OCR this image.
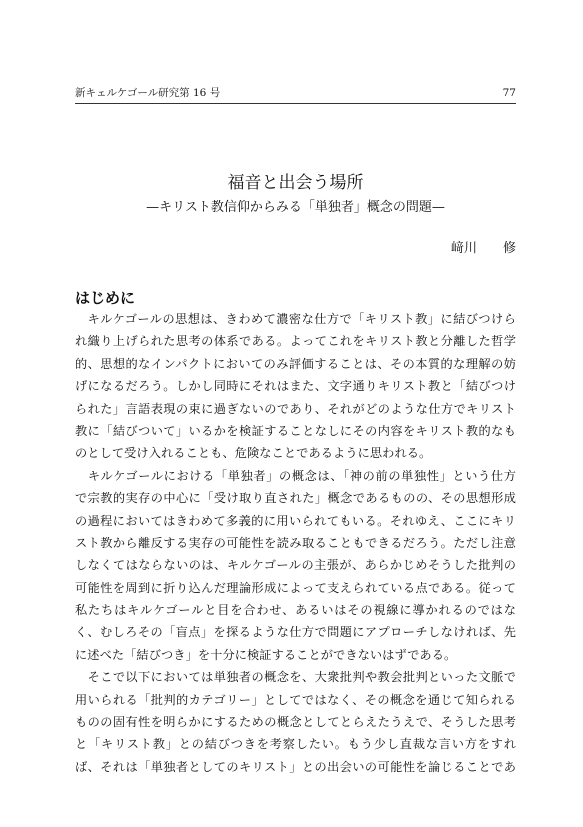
新キェルケゴール研究第 16 号	77
福音と出会う場所
—キリスト教信仰からみる「単独者」概念の問題—
﨑川　　修
はじめに
　キルケゴールの思想は、きわめて濃密な仕方で「キリスト教」に結びつけら
れ織り上げられた思考の体系である。よってこれをキリスト教と分離した哲学
的、思想的なインパクトにおいてのみ評価することは、その本質的な理解の妨
げになるだろう。しかし同時にそれはまた、文字通りキリスト教と「結びつけ
られた」言語表現の束に過ぎないのであり、それがどのような仕方でキリスト
教に「結びついて」いるかを検証することなしにその内容をキリスト教的なも
のとして受け入れることも、危険なことであるように思われる。
　キルケゴールにおける「単独者」の概念は、「神の前の単独性」という仕方
で宗教的実存の中心に「受け取り直された」概念であるものの、その思想形成
の過程においてはきわめて多義的に用いられてもいる。それゆえ、ここにキリ
スト教から離反する実存の可能性を読み取ることもできるだろう。ただし注意
しなくてはならないのは、キルケゴールの主張が、あらかじめそうした批判の
可能性を周到に折り込んだ理論形成によって支えられている点である。従って
私たちはキルケゴールと目を合わせ、あるいはその視線に導かれるのではな
く、むしろその「盲点」を探るような仕方で問題にアプローチしなければ、先
に述べた「結びつき」を十分に検証することができないはずである。
　そこで以下においては単独者の概念を、大衆批判や教会批判といった文脈で
用いられる「批判的カテゴリー」としてではなく、その概念を通じて知られる
ものの固有性を明らかにするための概念としてとらえたうえで、そうした思考
と「キリスト教」との結びつきを考察したい。もう少し直裁な言い方をすれ
ば、それは「単独者としてのキリスト」との出会いの可能性を論じることであ
